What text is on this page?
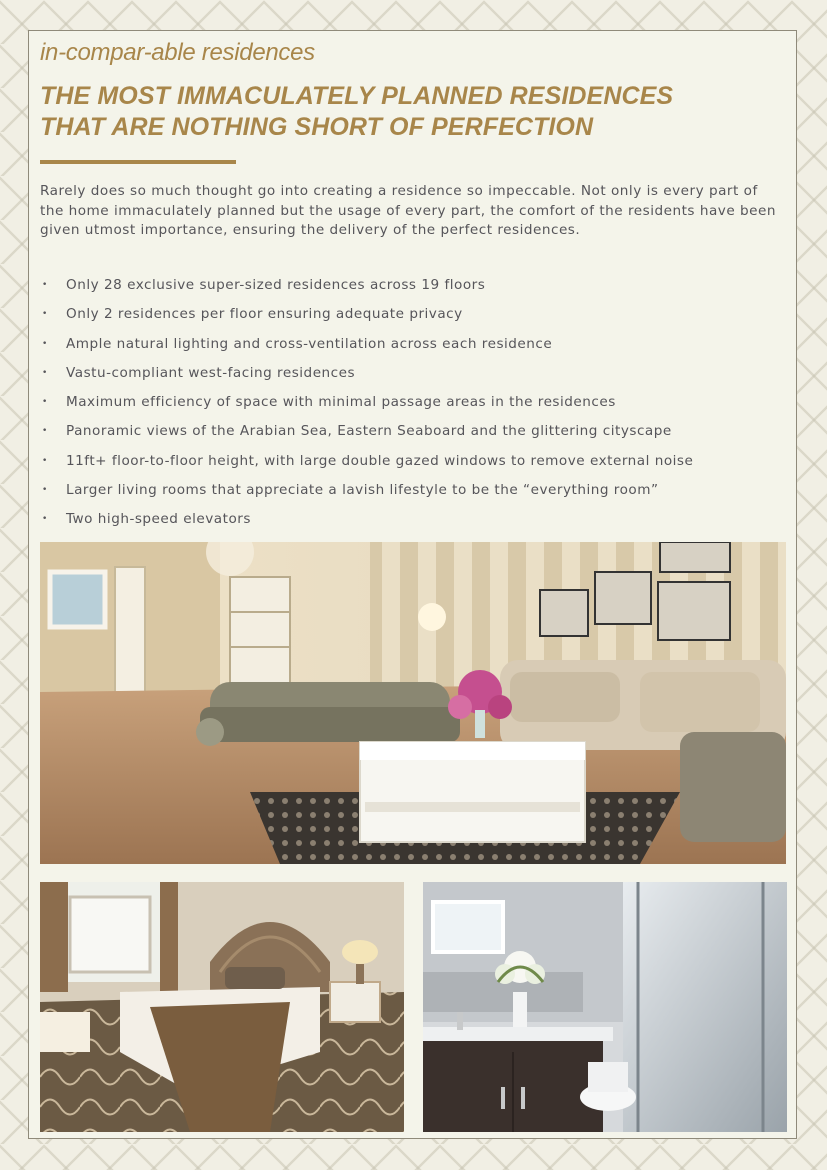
in-compar-able residences
THE MOST IMMACULATELY PLANNED RESIDENCES
THAT ARE NOTHING SHORT OF PERFECTION

Rarely does so much thought go into creating a residence so impeccable. Not only is every part of the home immaculately planned but the usage of every part, the comfort of the residents have been given utmost importance, ensuring the delivery of the perfect residences.

• Only 28 exclusive super-sized residences across 19 floors
• Only 2 residences per floor ensuring adequate privacy
• Ample natural lighting and cross-ventilation across each residence
• Vastu-compliant west-facing residences
• Maximum efficiency of space with minimal passage areas in the residences
• Panoramic views of the Arabian Sea, Eastern Seaboard and the glittering cityscape
• 11ft+ floor-to-floor height, with large double gazed windows to remove external noise
• Larger living rooms that appreciate a lavish lifestyle to be the “everything room”
• Two high-speed elevators
